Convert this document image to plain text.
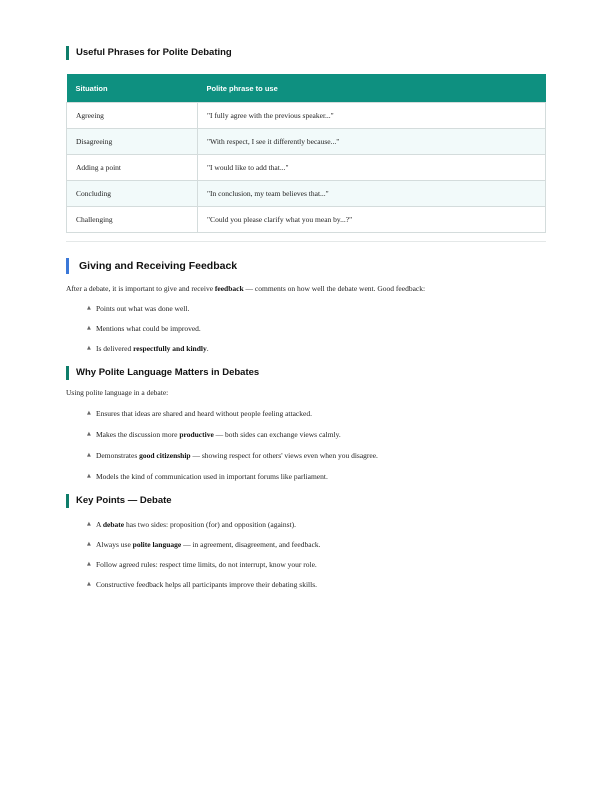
Useful Phrases for Polite Debating
Situation	Polite phrase to use
Agreeing	"I fully agree with the previous speaker..."
Disagreeing	"With respect, I see it differently because..."
Adding a point	"I would like to add that..."
Concluding	"In conclusion, my team believes that..."
Challenging	"Could you please clarify what you mean by...?"
Giving and Receiving Feedback

After a debate, it is important to give and receive feedback — comments on how well the debate went. Good feedback:

▲ Points out what was done well.
▲ Mentions what could be improved.
▲ Is delivered respectfully and kindly.
Why Polite Language Matters in Debates

Using polite language in a debate:

▲ Ensures that ideas are shared and heard without people feeling attacked.
▲ Makes the discussion more productive — both sides can exchange views calmly.
▲ Demonstrates good citizenship — showing respect for others' views even when you disagree.
▲ Models the kind of communication used in important forums like parliament.
Key Points — Debate
▲ A debate has two sides: proposition (for) and opposition (against).
▲ Always use polite language — in agreement, disagreement, and feedback.
▲ Follow agreed rules: respect time limits, do not interrupt, know your role.
▲ Constructive feedback helps all participants improve their debating skills.
